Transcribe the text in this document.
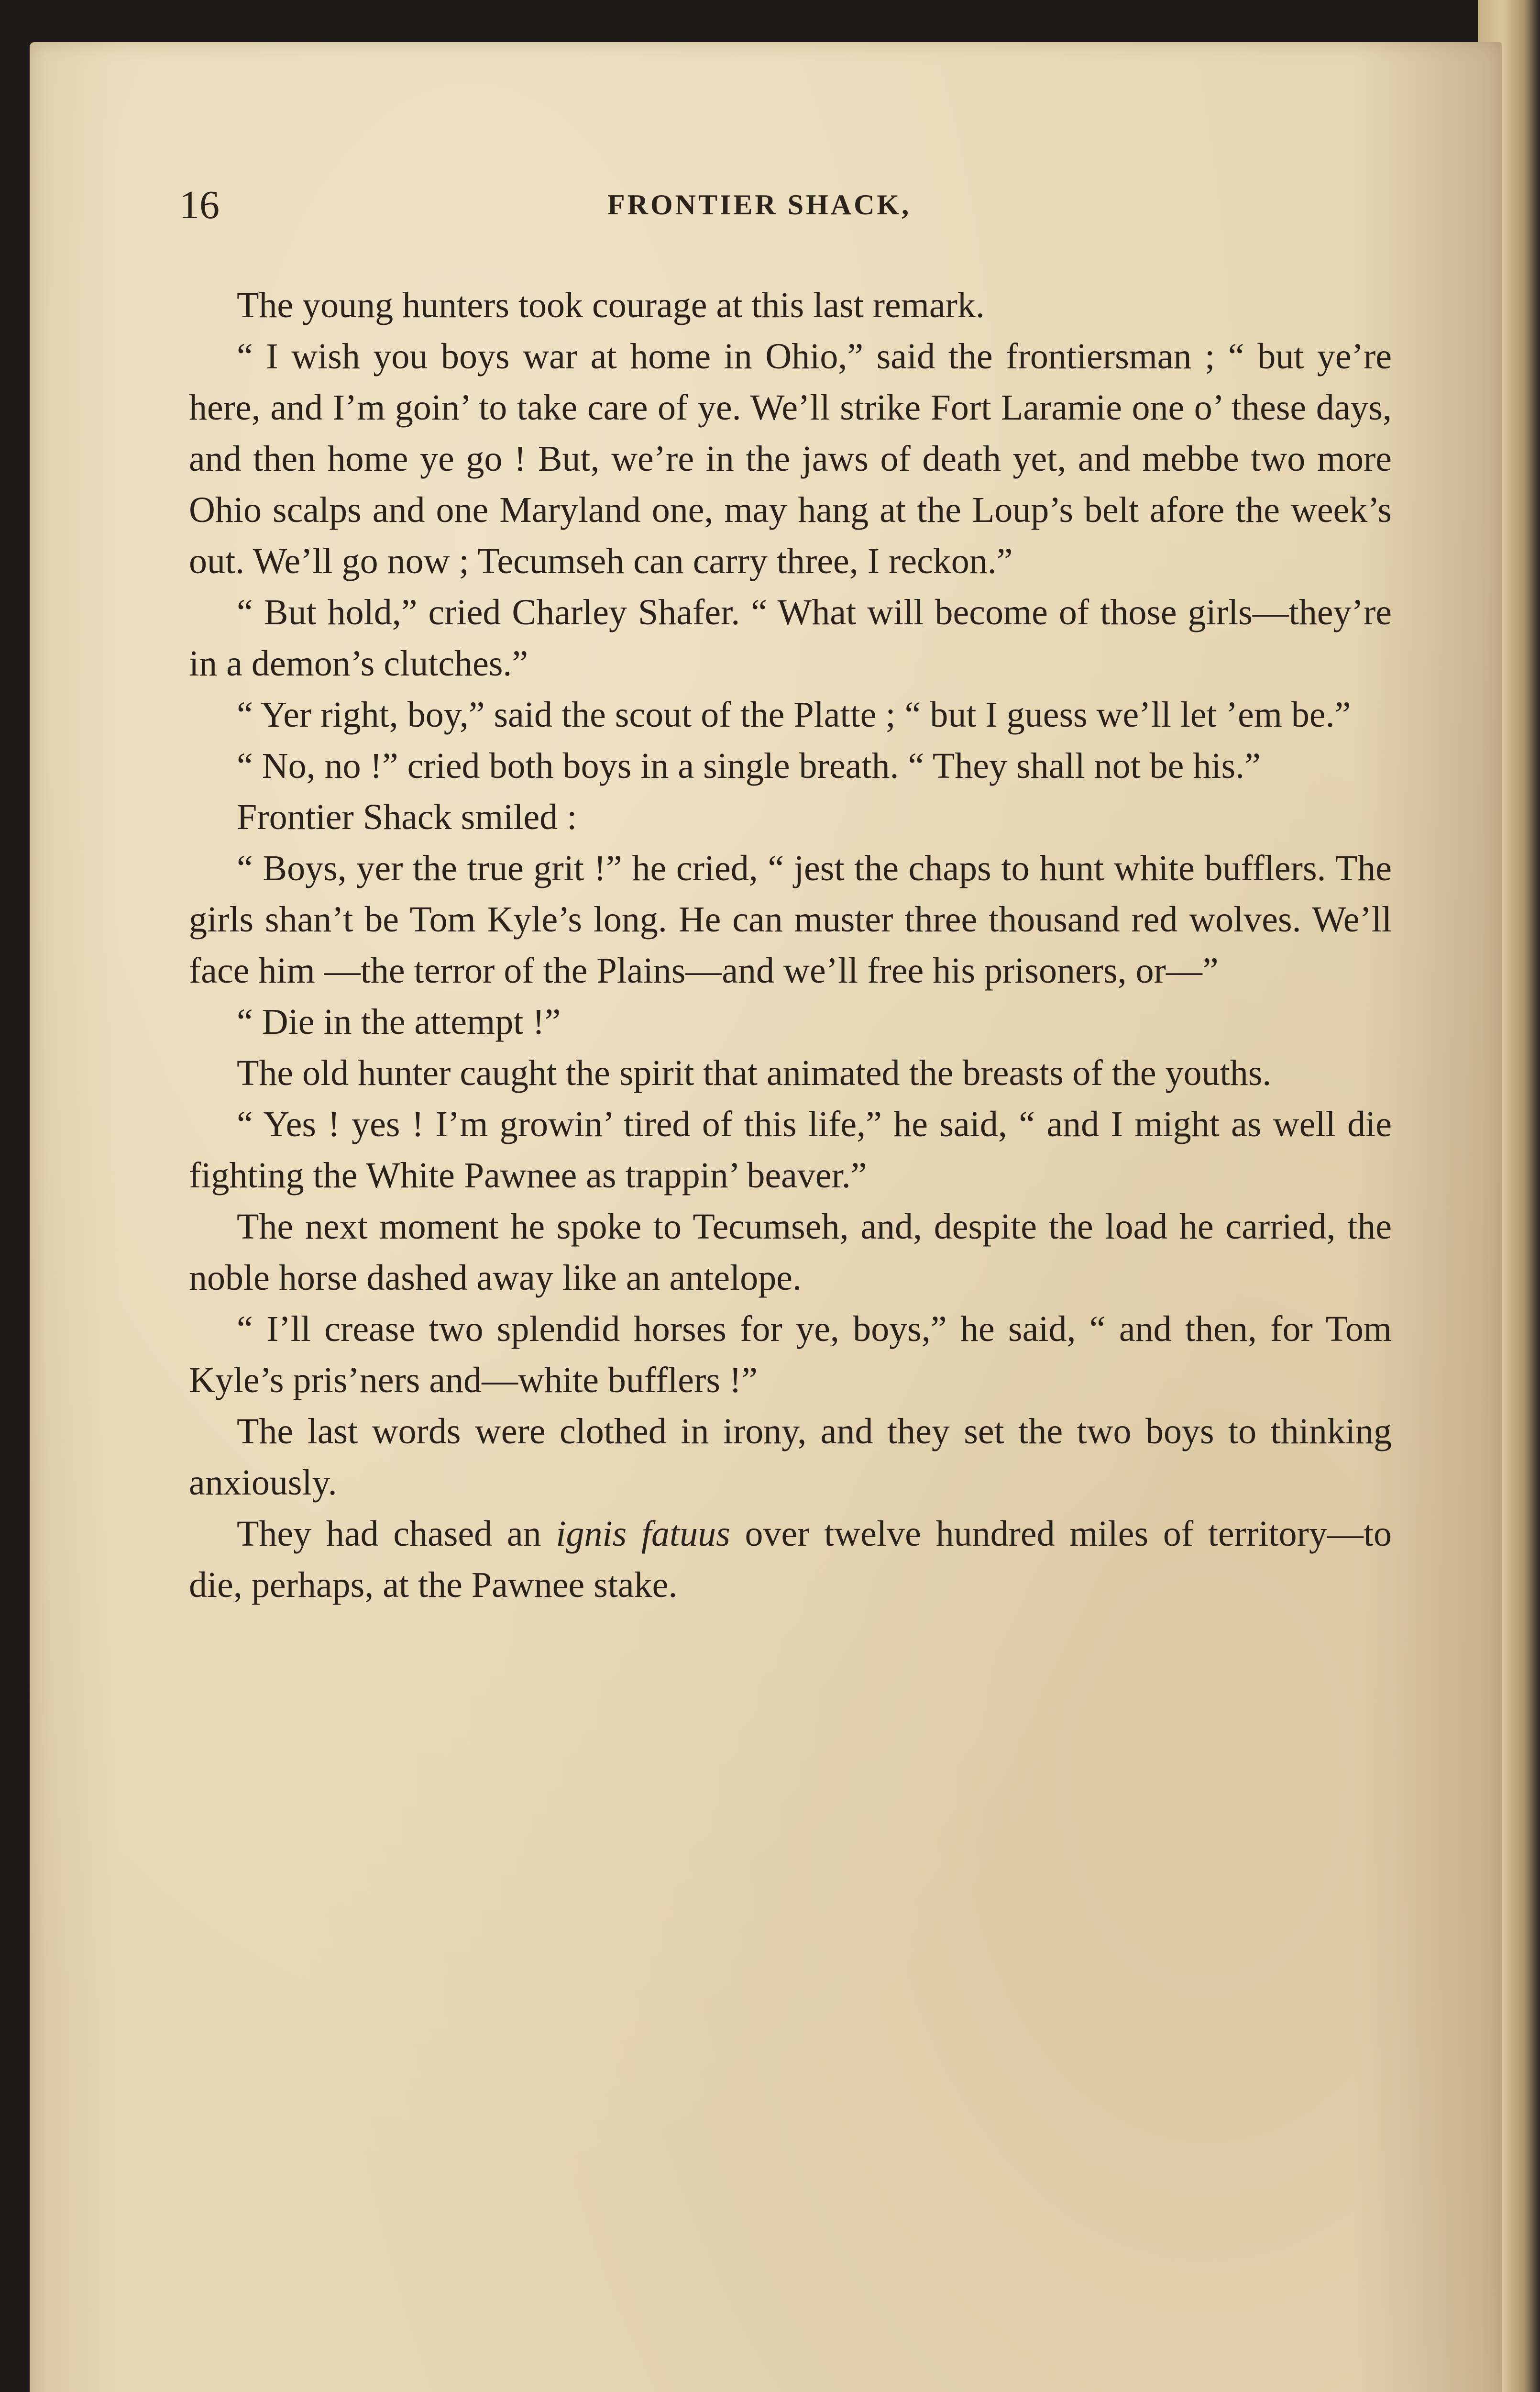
16	FRONTIER SHACK,

The young hunters took courage at this last remark.

“ I wish you boys war at home in Ohio,” said the frontiersman ; “ but ye’re here, and I’m goin’ to take care of ye. We’ll strike Fort Laramie one o’ these days, and then home ye go ! But, we’re in the jaws of death yet, and mebbe two more Ohio scalps and one Maryland one, may hang at the Loup’s belt afore the week’s out. We’ll go now ; Tecumseh can carry three, I reckon.”

“ But hold,” cried Charley Shafer. “ What will become of those girls—they’re in a demon’s clutches.”

“ Yer right, boy,” said the scout of the Platte ; “ but I guess we’ll let ’em be.”

“ No, no !” cried both boys in a single breath. “ They shall not be his.”

Frontier Shack smiled :

“ Boys, yer the true grit !” he cried, “ jest the chaps to hunt white bufflers. The girls shan’t be Tom Kyle’s long. He can muster three thousand red wolves. We’ll face him —the terror of the Plains—and we’ll free his prisoners, or—”

“ Die in the attempt !”

The old hunter caught the spirit that animated the breasts of the youths.

“ Yes ! yes ! I’m growin’ tired of this life,” he said, “ and I might as well die fighting the White Pawnee as trappin’ beaver.”

The next moment he spoke to Tecumseh, and, despite the load he carried, the noble horse dashed away like an antelope.

“ I’ll crease two splendid horses for ye, boys,” he said, “ and then, for Tom Kyle’s pris’ners and—white bufflers !”

The last words were clothed in irony, and they set the two boys to thinking anxiously.

They had chased an ignis fatuus over twelve hundred miles of territory—to die, perhaps, at the Pawnee stake.
